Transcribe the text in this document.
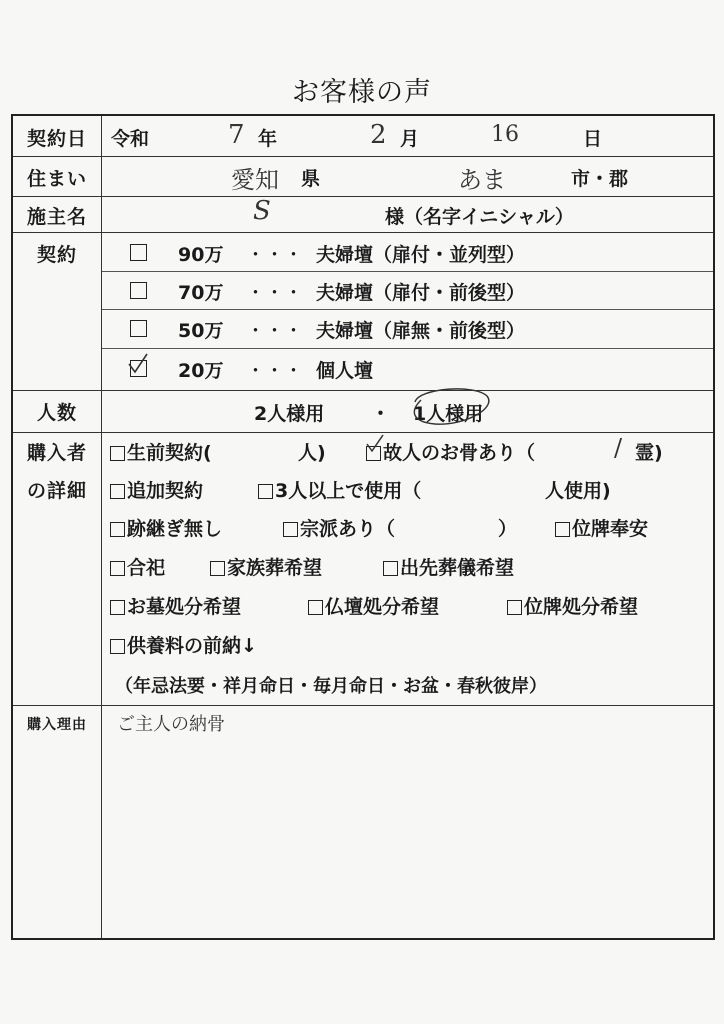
お客様の声
契約日	令和	7 年	2 月	16	日
住まい	愛知 県	あま	市・郡
施主名	S	様（名字イニシャル）
契約	90万 ・・・ 夫婦壇（扉付・並列型）
70万 ・・・ 夫婦壇（扉付・前後型）
50万 ・・・ 夫婦壇（扉無・前後型）
20万 ・・・ 個人壇
人数	2人様用 ・ 1人様用
購入者
の詳細
生前契約(	人)	故人のお骨あり（	/ 霊)
追加契約	3人以上で使用（	人使用)
跡継ぎ無し	宗派あり（	）	位牌奉安
合祀	家族葬希望	出先葬儀希望
お墓処分希望	仏壇処分希望	位牌処分希望
供養料の前納↓
（年忌法要・祥月命日・毎月命日・お盆・春秋彼岸）
購入理由	ご主人の納骨
